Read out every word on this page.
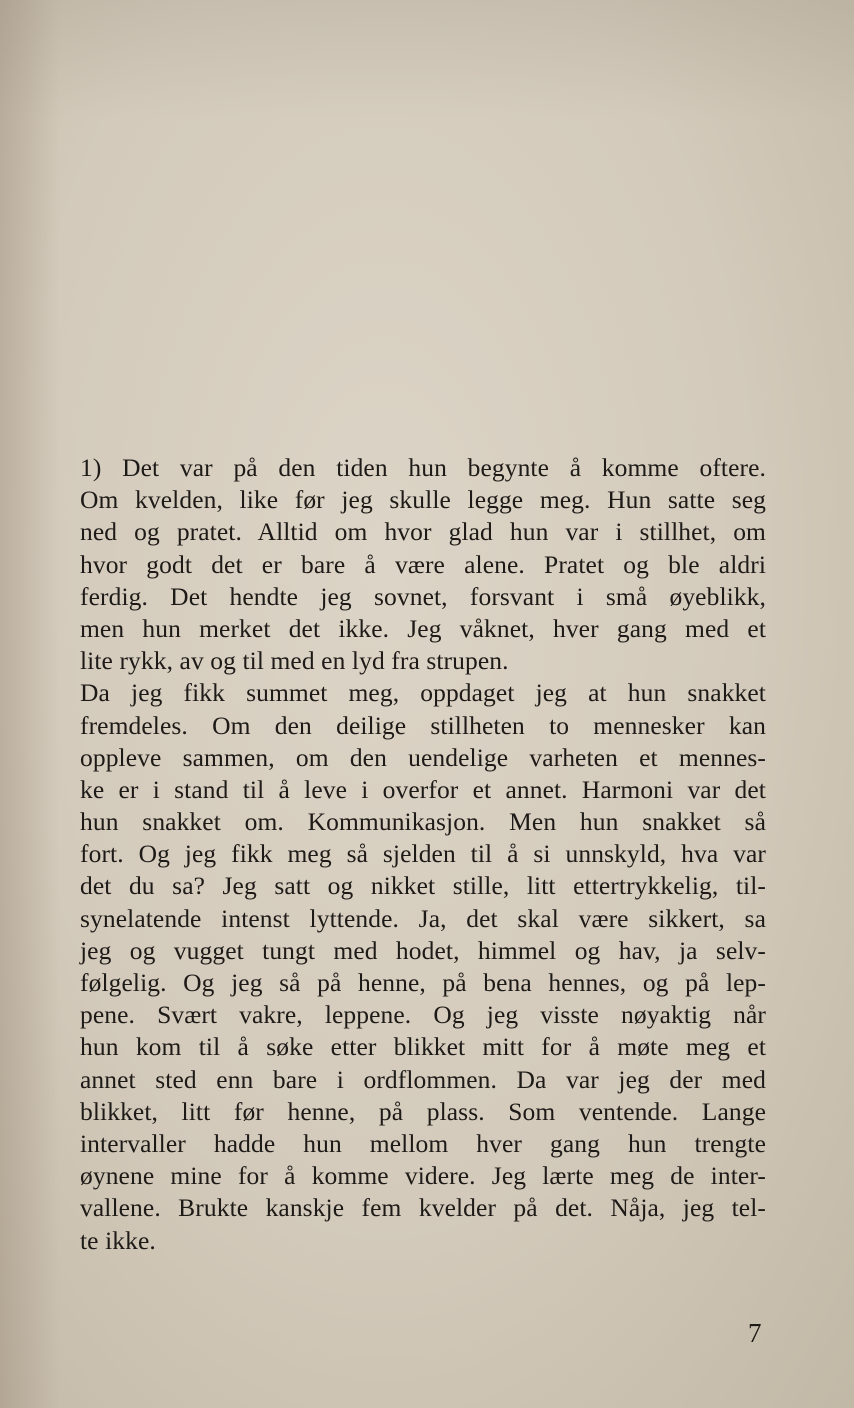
1) Det var på den tiden hun begynte å komme oftere.
Om kvelden, like før jeg skulle legge meg. Hun satte seg
ned og pratet. Alltid om hvor glad hun var i stillhet, om
hvor godt det er bare å være alene. Pratet og ble aldri
ferdig. Det hendte jeg sovnet, forsvant i små øyeblikk,
men hun merket det ikke. Jeg våknet, hver gang med et
lite rykk, av og til med en lyd fra strupen.
Da jeg fikk summet meg, oppdaget jeg at hun snakket
fremdeles. Om den deilige stillheten to mennesker kan
oppleve sammen, om den uendelige varheten et mennes-
ke er i stand til å leve i overfor et annet. Harmoni var det
hun snakket om. Kommunikasjon. Men hun snakket så
fort. Og jeg fikk meg så sjelden til å si unnskyld, hva var
det du sa? Jeg satt og nikket stille, litt ettertrykkelig, til-
synelatende intenst lyttende. Ja, det skal være sikkert, sa
jeg og vugget tungt med hodet, himmel og hav, ja selv-
følgelig. Og jeg så på henne, på bena hennes, og på lep-
pene. Svært vakre, leppene. Og jeg visste nøyaktig når
hun kom til å søke etter blikket mitt for å møte meg et
annet sted enn bare i ordflommen. Da var jeg der med
blikket, litt før henne, på plass. Som ventende. Lange
intervaller hadde hun mellom hver gang hun trengte
øynene mine for å komme videre. Jeg lærte meg de inter-
vallene. Brukte kanskje fem kvelder på det. Nåja, jeg tel-
te ikke.
7
